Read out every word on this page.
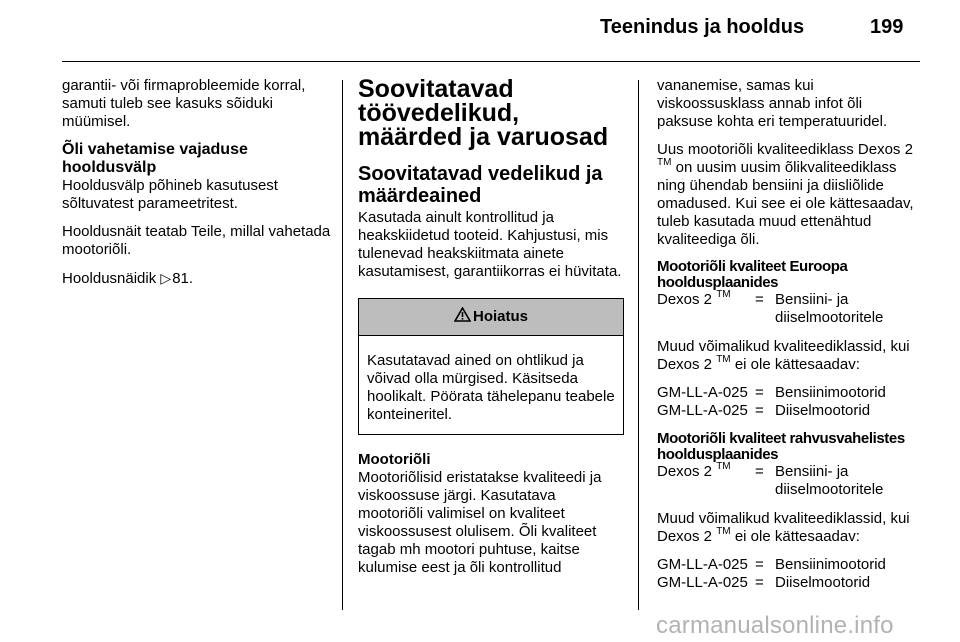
Teenindus ja hooldus	199

garantii- või firmaprobleemide korral, samuti tuleb see kasuks sõiduki müümisel.

Õli vahetamise vajaduse hooldusvälp

Hooldusvälp põhineb kasutusest sõltuvatest parameetritest.

Hooldusnäit teatab Teile, millal vahetada mootoriõli.

Hooldusnäidik ▷81.

Soovitatavad töövedelikud, määrded ja varuosad
Soovitatavad vedelikud ja määrdeained

Kasutada ainult kontrollitud ja heakskiidetud tooteid. Kahjustusi, mis tulenevad heakskiitmata ainete kasutamisest, garantiikorras ei hüvitata.

Hoiatus
Kasutatavad ained on ohtlikud ja võivad olla mürgised. Käsitseda hoolikalt. Pöörata tähelepanu teabele konteineritel.
Mootoriõli

Mootoriõlisid eristatakse kvaliteedi ja viskoossuse järgi. Kasutatava mootoriõli valimisel on kvaliteet viskoossusest olulisem. Õli kvaliteet tagab mh mootori puhtuse, kaitse kulumise eest ja õli kontrollitud

vananemise, samas kui viskoossusklass annab infot õli paksuse kohta eri temperatuuridel.

Uus mootoriõli kvaliteediklass Dexos 2 ™ on uusim uusim õlikvaliteediklass ning ühendab bensiini ja diisliõlide omadused. Kui see ei ole kättesaadav, tuleb kasutada muud ettenähtud kvaliteediga õli.

Mootoriõli kvaliteet Euroopa hooldusplaanides
Dexos 2 ™	= Bensiini- ja diiselmootoritele

Muud võimalikud kvaliteediklassid, kui Dexos 2 ™ ei ole kättesaadav:

GM-LL-A-025 = Bensiinimootorid
GM-LL-A-025 = Diiselmootorid
Mootoriõli kvaliteet rahvusvahelistes hooldusplaanides
Dexos 2 ™	= Bensiini- ja diiselmootoritele

Muud võimalikud kvaliteediklassid, kui Dexos 2 ™ ei ole kättesaadav:

GM-LL-A-025 = Bensiinimootorid
GM-LL-A-025 = Diiselmootorid
carmanualsonline.info
